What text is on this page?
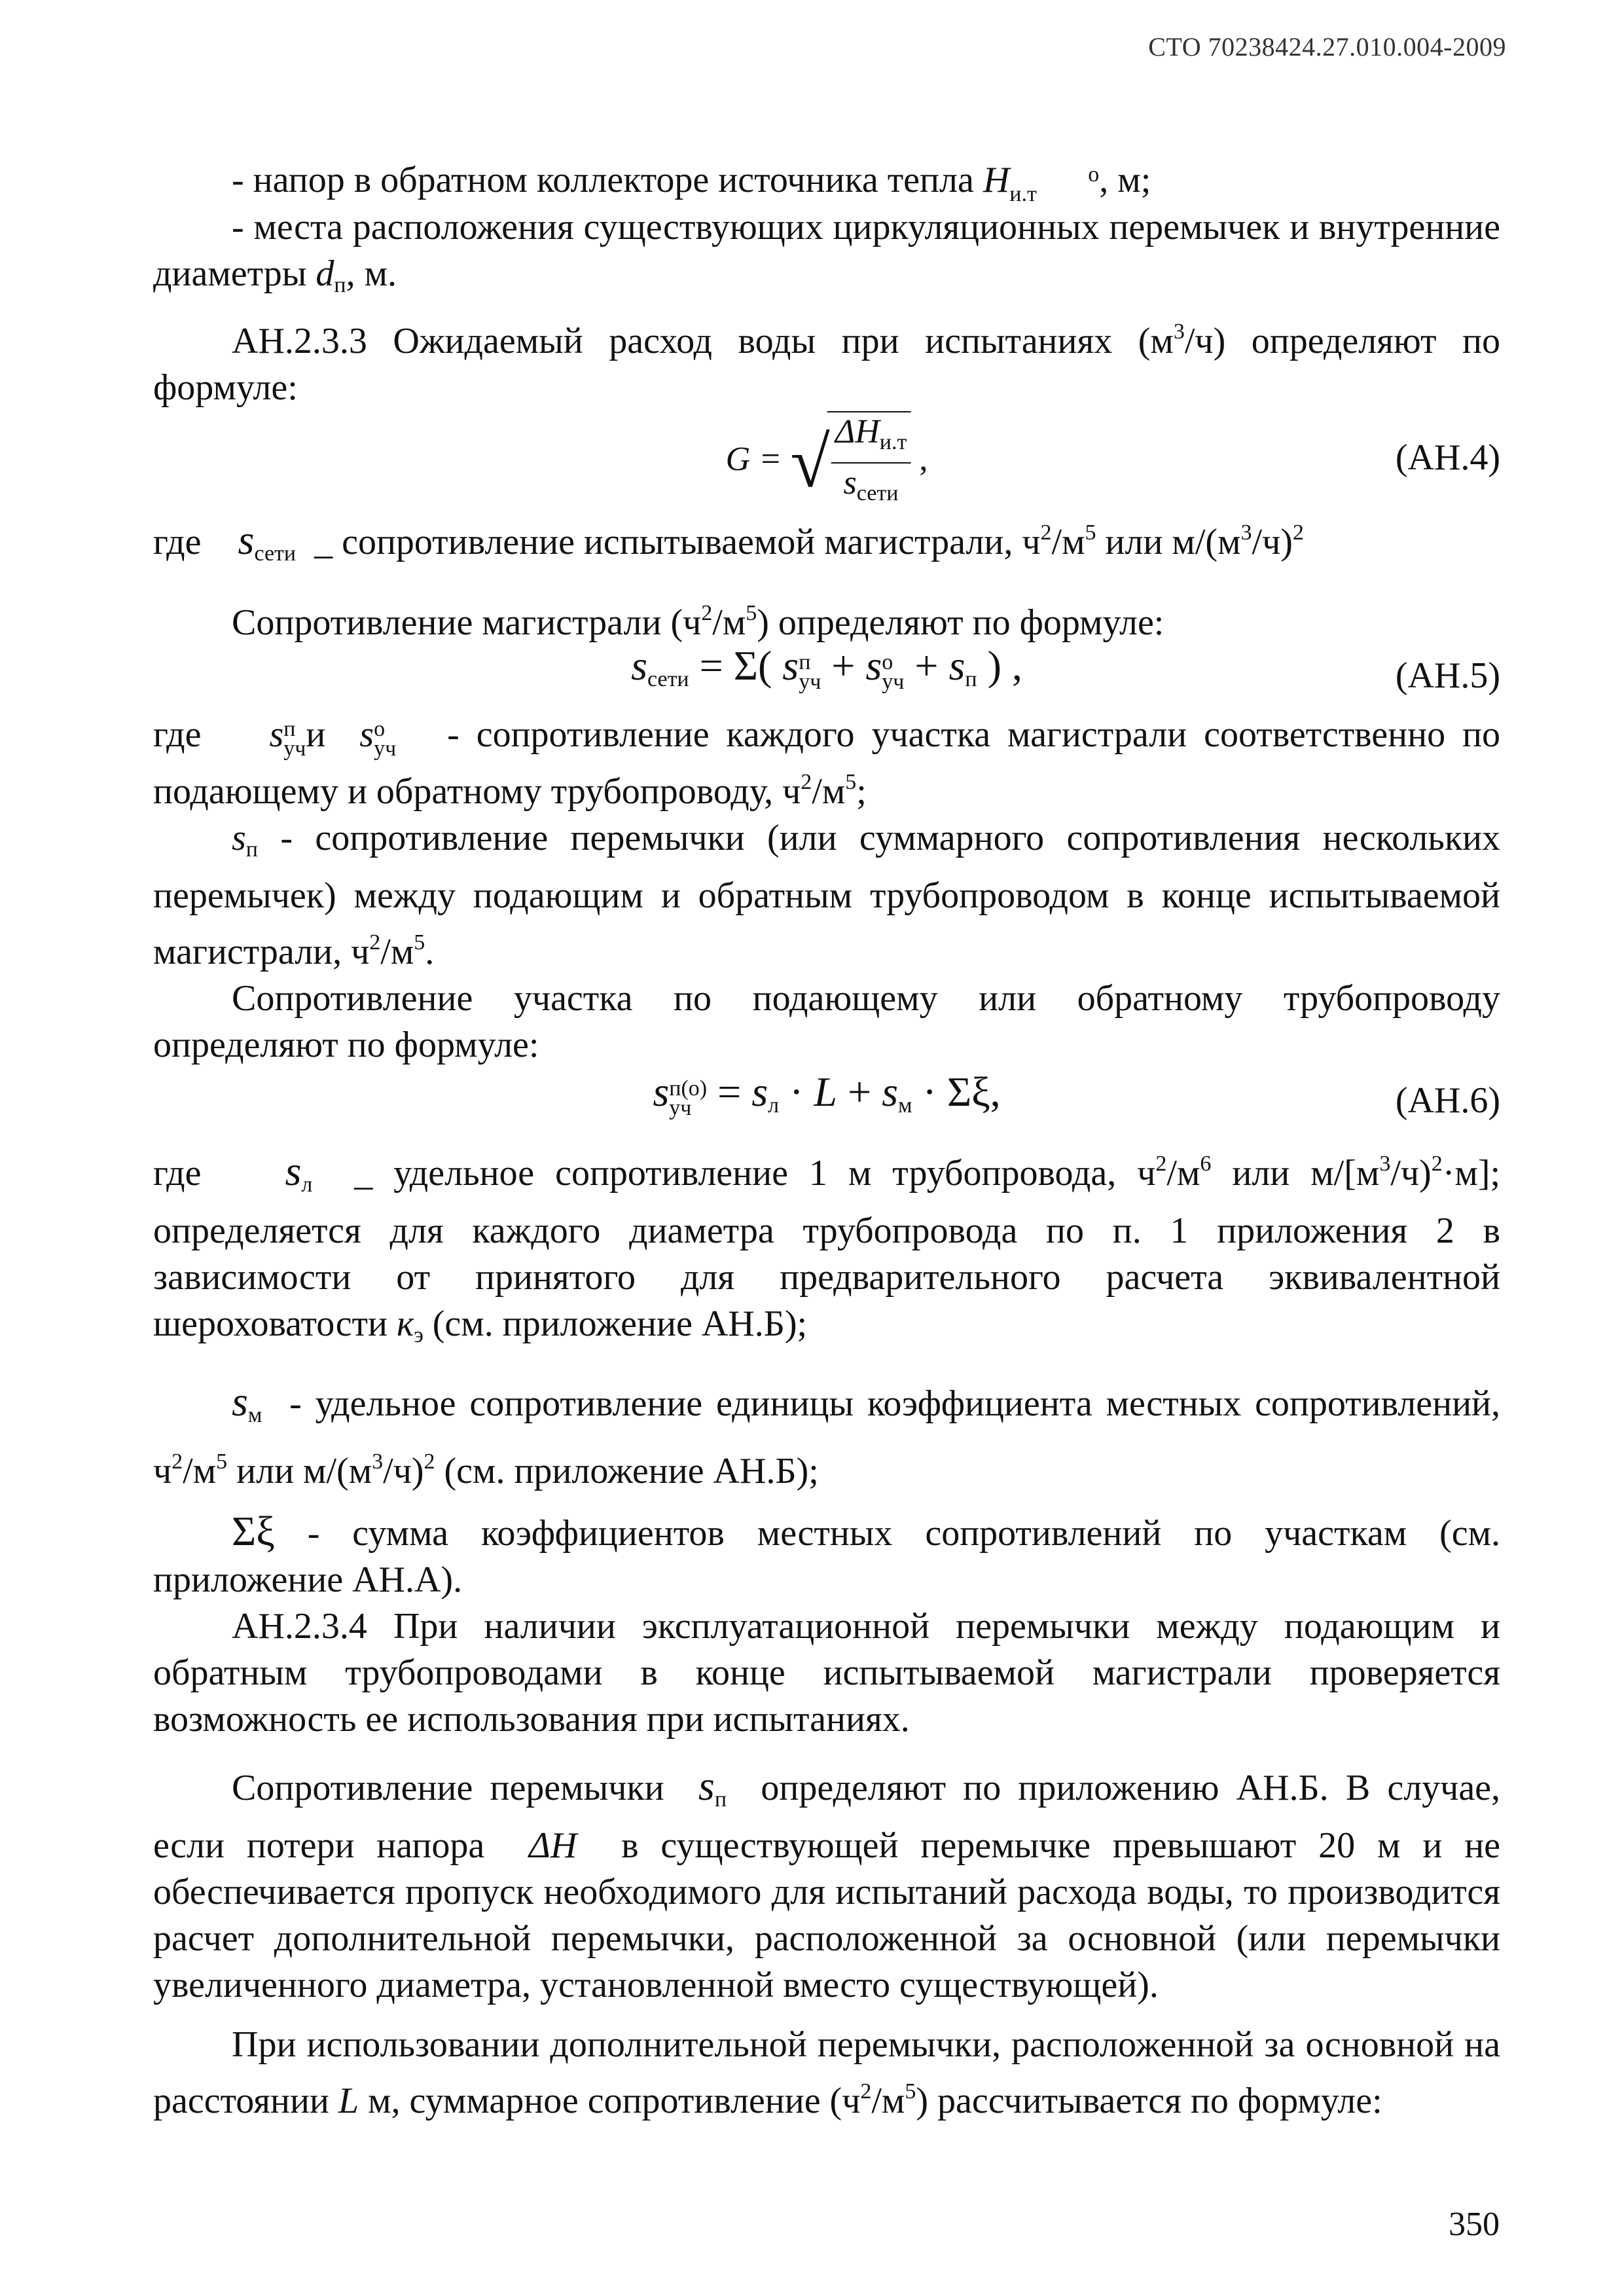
СТО 70238424.27.010.004-2009

- напор в обратном коллекторе источника тепла H	о
и.т , м;

- места расположения существующих циркуляционных перемычек и внутренние диаметры $d_п$, м.

АН.2.3.3 Ожидаемый расход воды при испытаниях $(м^3/ч)$ определяют по формуле:

G = √ $\frac{\Delta H_{и.т}}{s_{сети}}$ ,	(АН.4)

где $s_{сети}$ _ сопротивление испытываемой магистрали, $ч^2/м^5$ или $м/(м^3/ч)^2$

Сопротивление магистрали $(ч^2/м^5)$ определяют по формуле:

$s_{сети} = \Sigma$( sп
уч + sо
уч + $s_п$ ) ,	(АН.5)

где sп
учи sо
уч - сопротивление каждого участка магистрали соответственно по подающему и обратному трубопроводу, $ч^2/м^5$;

$s_п$ - сопротивление перемычки (или суммарного сопротивления нескольких перемычек) между подающим и обратным трубопроводом в конце испытываемой магистрали, $ч^2/м^5$.

Сопротивление участка по подающему или обратному трубопроводу определяют по формуле:

sп(о)
уч = $s_л \cdot L + s_м \cdot \Sigma\xi$,	(АН.6)

где $s_л$ _ удельное сопротивление 1 м трубопровода, $ч^2/м^6$ или $м/[м^3/ч)^2\cdot м$]; определяется для каждого диаметра трубопровода по п. 1 приложения 2 в зависимости от принятого для предварительного расчета эквивалентной шероховатости $к_э$ (см. приложение АН.Б);

$s_м$ - удельное сопротивление единицы коэффициента местных сопротивлений, $ч^2/м^5$ или $м/(м^3/ч)^2$ (см. приложение АН.Б);

Σξ - сумма коэффициентов местных сопротивлений по участкам (см. приложение АН.А).

АН.2.3.4 При наличии эксплуатационной перемычки между подающим и обратным трубопроводами в конце испытываемой магистрали проверяется возможность ее использования при испытаниях.

Сопротивление перемычки $s_п$ определяют по приложению АН.Б. В случае, если потери напора ΔH в существующей перемычке превышают 20 м и не обеспечивается пропуск необходимого для испытаний расхода воды, то производится расчет дополнительной перемычки, расположенной за основной (или перемычки увеличенного диаметра, установленной вместо существующей).

При использовании дополнительной перемычки, расположенной за основной на расстоянии L м, суммарное сопротивление $(ч^2/м^5)$ рассчитывается по формуле:

350
